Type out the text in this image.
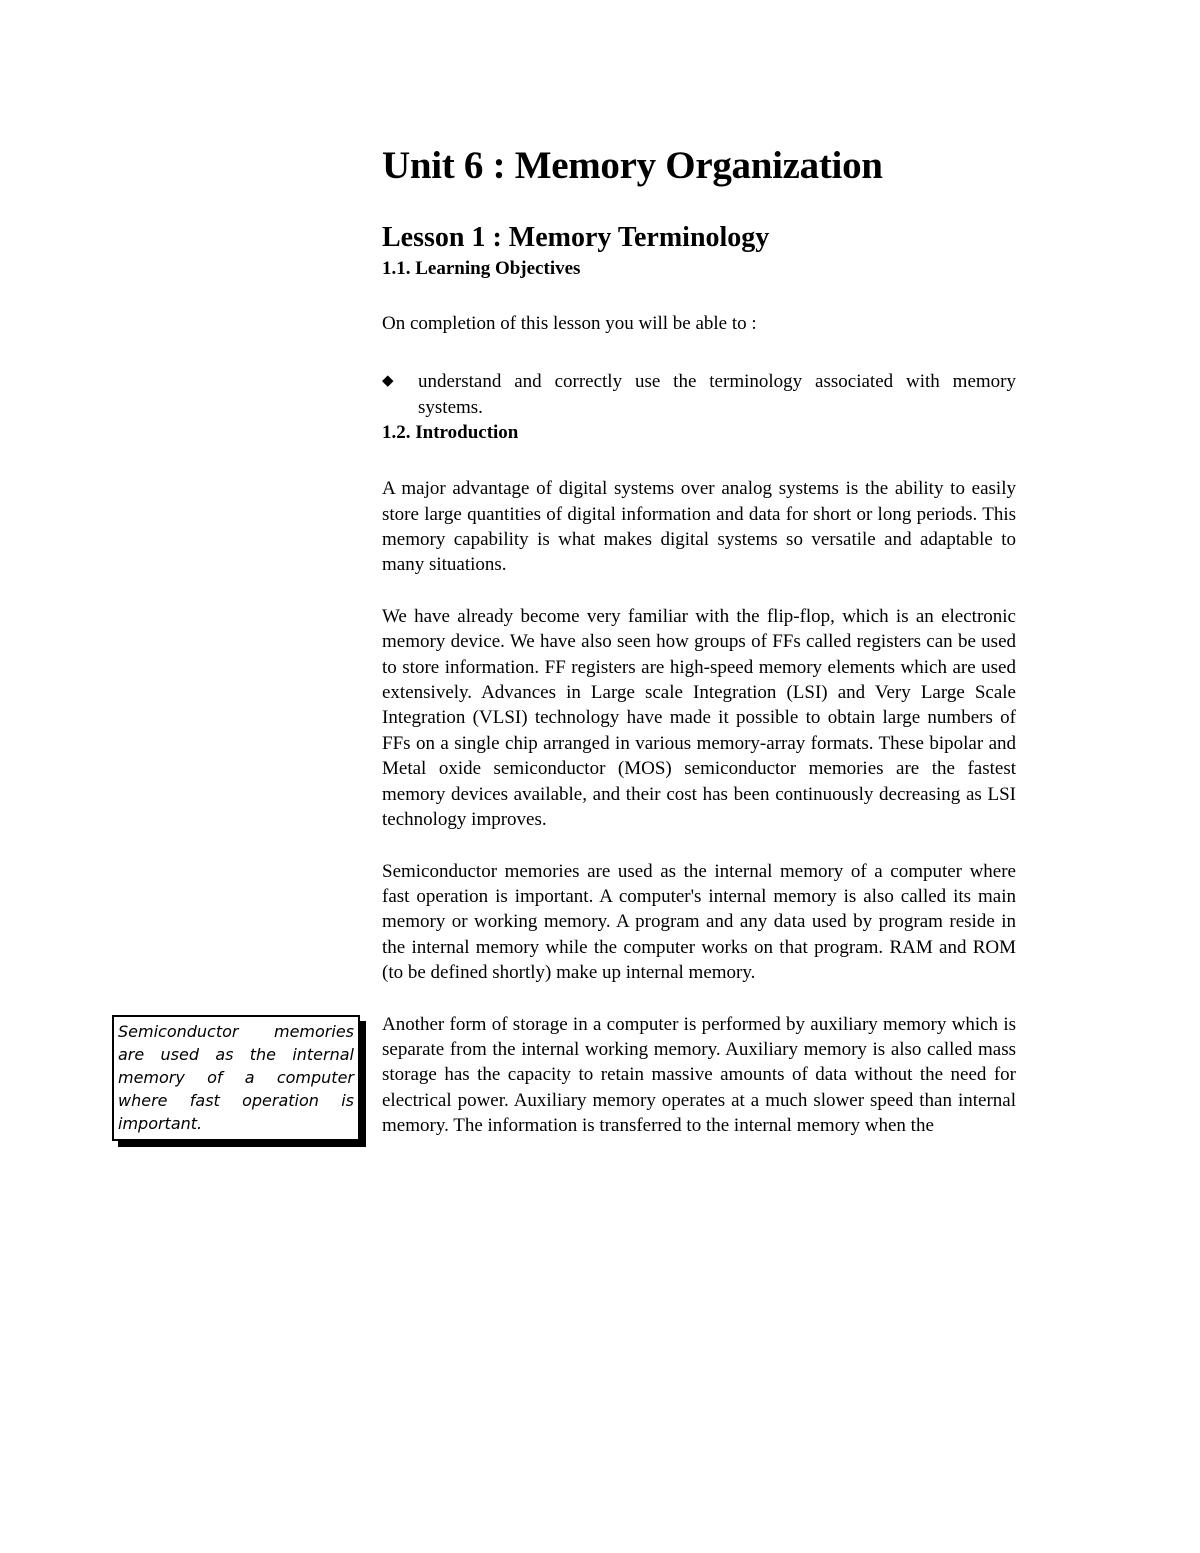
Unit 6 : Memory Organization
Lesson 1 : Memory Terminology
1.1. Learning Objectives

On completion of this lesson you will be able to :

◆ understand and correctly use the terminology associated with memory systems.

1.2. Introduction

A major advantage of digital systems over analog systems is the ability to easily store large quantities of digital information and data for short or long periods. This memory capability is what makes digital systems so versatile and adaptable to many situations.

We have already become very familiar with the flip-flop, which is an electronic memory device. We have also seen how groups of FFs called registers can be used to store information. FF registers are high-speed memory elements which are used extensively. Advances in Large scale Integration (LSI) and Very Large Scale Integration (VLSI) technology have made it possible to obtain large numbers of FFs on a single chip arranged in various memory-array formats. These bipolar and Metal oxide semiconductor (MOS) semiconductor memories are the fastest memory devices available, and their cost has been continuously decreasing as LSI technology improves.

Semiconductor memories are used as the internal memory of a computer where fast operation is important. A computer's internal memory is also called its main memory or working memory. A program and any data used by program reside in the internal memory while the computer works on that program. RAM and ROM (to be defined shortly) make up internal memory.

Another form of storage in a computer is performed by auxiliary memory which is separate from the internal working memory. Auxiliary memory is also called mass storage has the capacity to retain massive amounts of data without the need for electrical power. Auxiliary memory operates at a much slower speed than internal memory. The information is transferred to the internal memory when the

Semiconductor memories are used as the internal memory of a computer where fast operation is important.
